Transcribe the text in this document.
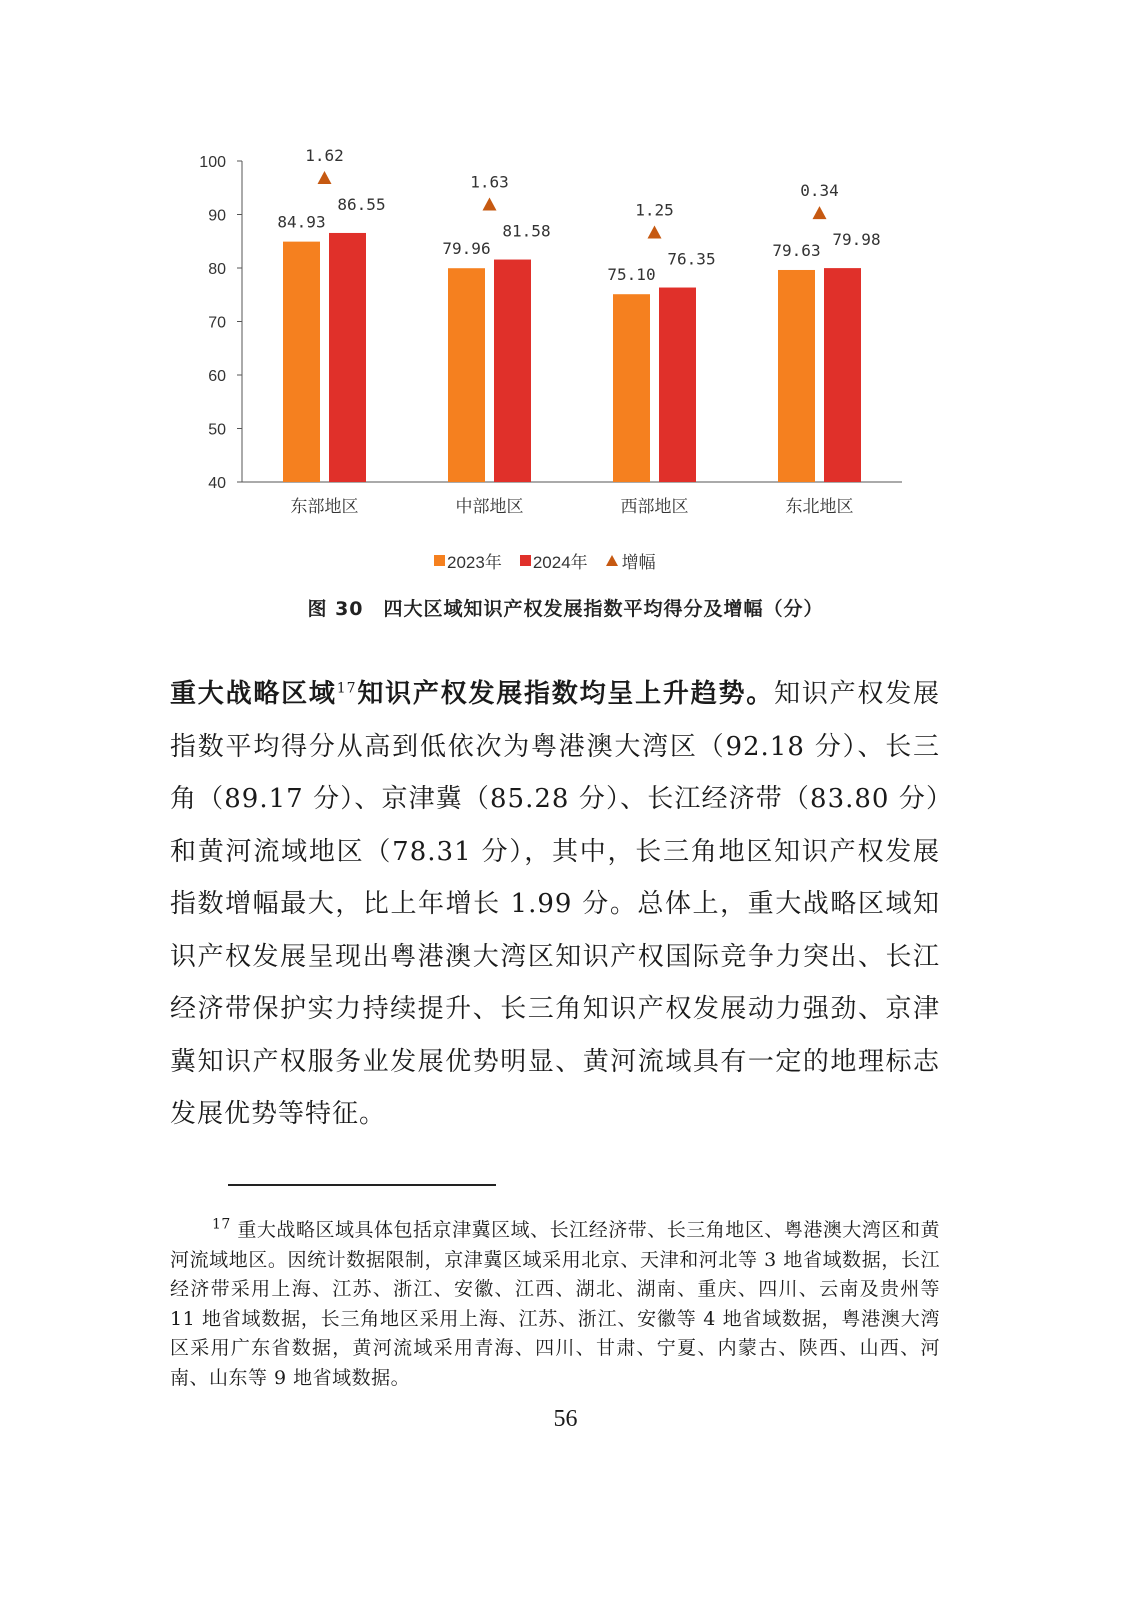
40
50
60
70
80
90
100
84.93
86.55
1.62
79.96
81.58
1.63
75.10
76.35
1.25
79.63
79.98
0.34
东部地区	中部地区	西部地区	东北地区
2023年 2024年 增幅
图 30　四大区域知识产权发展指数平均得分及增幅（分）
重大战略区域$^{17}$知识产权发展指数均呈上升趋势。知识产权发展指数平均得分从高到低依次为粤港澳大湾区（92.18 分）、长三角（89.17 分）、京津冀（85.28 分）、长江经济带（83.80 分）和黄河流域地区（78.31 分），其中，长三角地区知识产权发展指数增幅最大，比上年增长 1.99 分。总体上，重大战略区域知识产权发展呈现出粤港澳大湾区知识产权国际竞争力突出、长江经济带保护实力持续提升、长三角知识产权发展动力强劲、京津冀知识产权服务业发展优势明显、黄河流域具有一定的地理标志发展优势等特征。
$^{17}$ 重大战略区域具体包括京津冀区域、长江经济带、长三角地区、粤港澳大湾区和黄河流域地区。因统计数据限制，京津冀区域采用北京、天津和河北等 3 地省域数据，长江经济带采用上海、江苏、浙江、安徽、江西、湖北、湖南、重庆、四川、云南及贵州等 11 地省域数据，长三角地区采用上海、江苏、浙江、安徽等 4 地省域数据，粤港澳大湾区采用广东省数据，黄河流域采用青海、四川、甘肃、宁夏、内蒙古、陕西、山西、河南、山东等 9 地省域数据。
56
